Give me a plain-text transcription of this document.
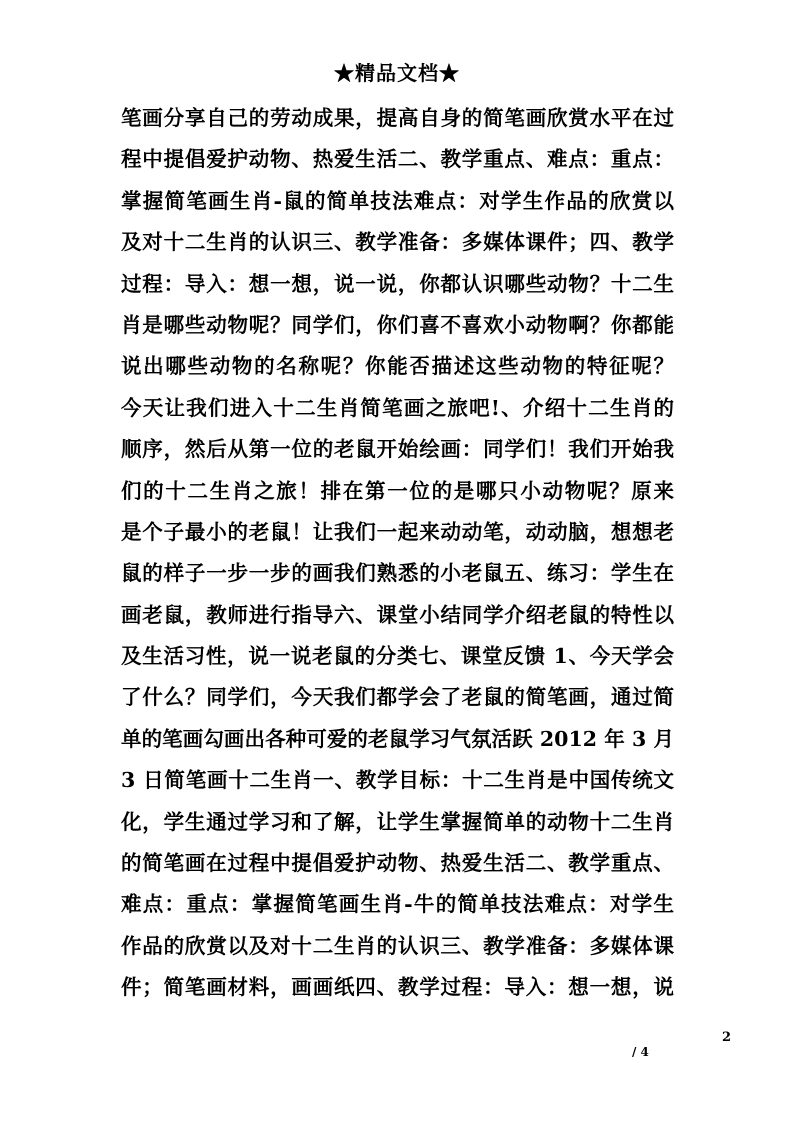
★精品文档★
笔画分享自己的劳动成果，提高自身的简笔画欣赏水平在过
程中提倡爱护动物、热爱生活二、教学重点、难点：重点：
掌握简笔画生肖-鼠的简单技法难点：对学生作品的欣赏以
及对十二生肖的认识三、教学准备：多媒体课件；四、教学
过程：导入：想一想，说一说，你都认识哪些动物？十二生
肖是哪些动物呢？同学们，你们喜不喜欢小动物啊？你都能
说出哪些动物的名称呢？你能否描述这些动物的特征呢？
今天让我们进入十二生肖简笔画之旅吧!、介绍十二生肖的
顺序，然后从第一位的老鼠开始绘画：同学们！我们开始我
们的十二生肖之旅！排在第一位的是哪只小动物呢？原来
是个子最小的老鼠！让我们一起来动动笔，动动脑，想想老
鼠的样子一步一步的画我们熟悉的小老鼠五、练习：学生在
画老鼠，教师进行指导六、课堂小结同学介绍老鼠的特性以
及生活习性，说一说老鼠的分类七、课堂反馈 1、今天学会
了什么？同学们，今天我们都学会了老鼠的简笔画，通过简
单的笔画勾画出各种可爱的老鼠学习气氛活跃 2012 年 3 月
3 日简笔画十二生肖一、教学目标：十二生肖是中国传统文
化，学生通过学习和了解，让学生掌握简单的动物十二生肖
的简笔画在过程中提倡爱护动物、热爱生活二、教学重点、
难点：重点：掌握简笔画生肖-牛的简单技法难点：对学生
作品的欣赏以及对十二生肖的认识三、教学准备：多媒体课
件；简笔画材料，画画纸四、教学过程：导入：想一想，说
2
/ 4
